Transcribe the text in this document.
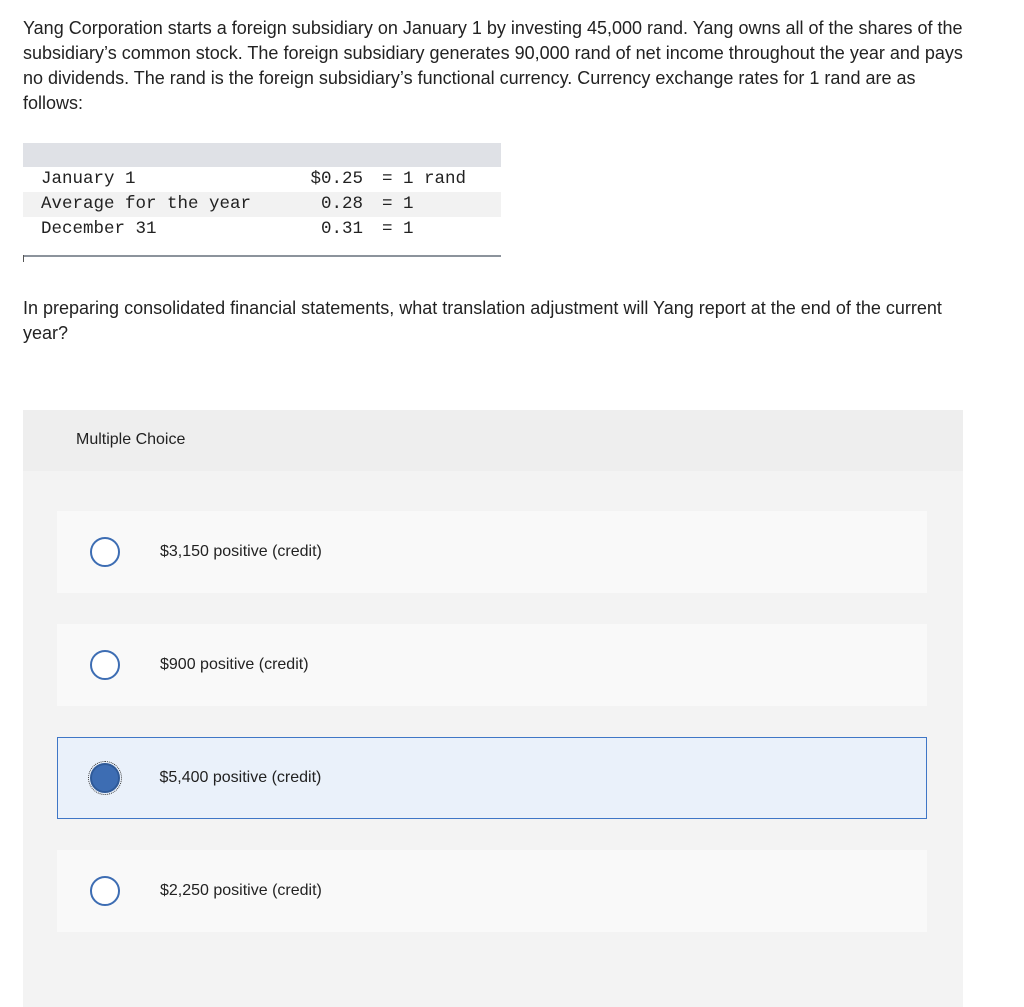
Yang Corporation starts a foreign subsidiary on January 1 by investing 45,000 rand. Yang owns all of the shares of the subsidiary’s common stock. The foreign subsidiary generates 90,000 rand of net income throughout the year and pays no dividends. The rand is the foreign subsidiary’s functional currency. Currency exchange rates for 1 rand are as follows:

January 1	$0.25 = 1 rand
Average for the year	0.28 = 1
December 31	0.31 = 1

In preparing consolidated financial statements, what translation adjustment will Yang report at the end of the current year?

Multiple Choice
$3,150 positive (credit)
$900 positive (credit)
$5,400 positive (credit)
$2,250 positive (credit)
